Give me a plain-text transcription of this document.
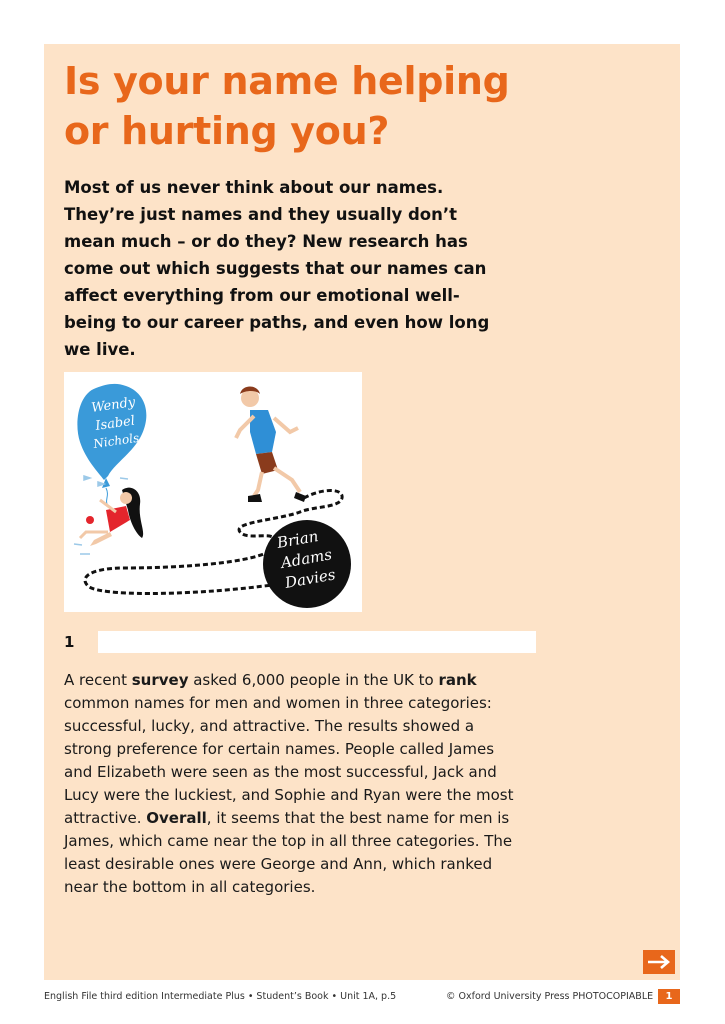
Is your name helping
or hurting you?

Most of us never think about our names.
They’re just names and they usually don’t
mean much – or do they? New research has
come out which suggests that our names can
affect everything from our emotional well-
being to our career paths, and even how long
we live.

Wendy
Isabel
Nichols
Brian
Adams
Davies
1

A recent survey asked 6,000 people in the UK to rank
common names for men and women in three categories:
successful, lucky, and attractive. The results showed a
strong preference for certain names. People called James
and Elizabeth were seen as the most successful, Jack and
Lucy were the luckiest, and Sophie and Ryan were the most
attractive. Overall, it seems that the best name for men is
James, which came near the top in all three categories. The
least desirable ones were George and Ann, which ranked
near the bottom in all categories.

English File third edition Intermediate Plus • Student’s Book • Unit 1A, p.5	© Oxford University Press PHOTOCOPIABLE	1
